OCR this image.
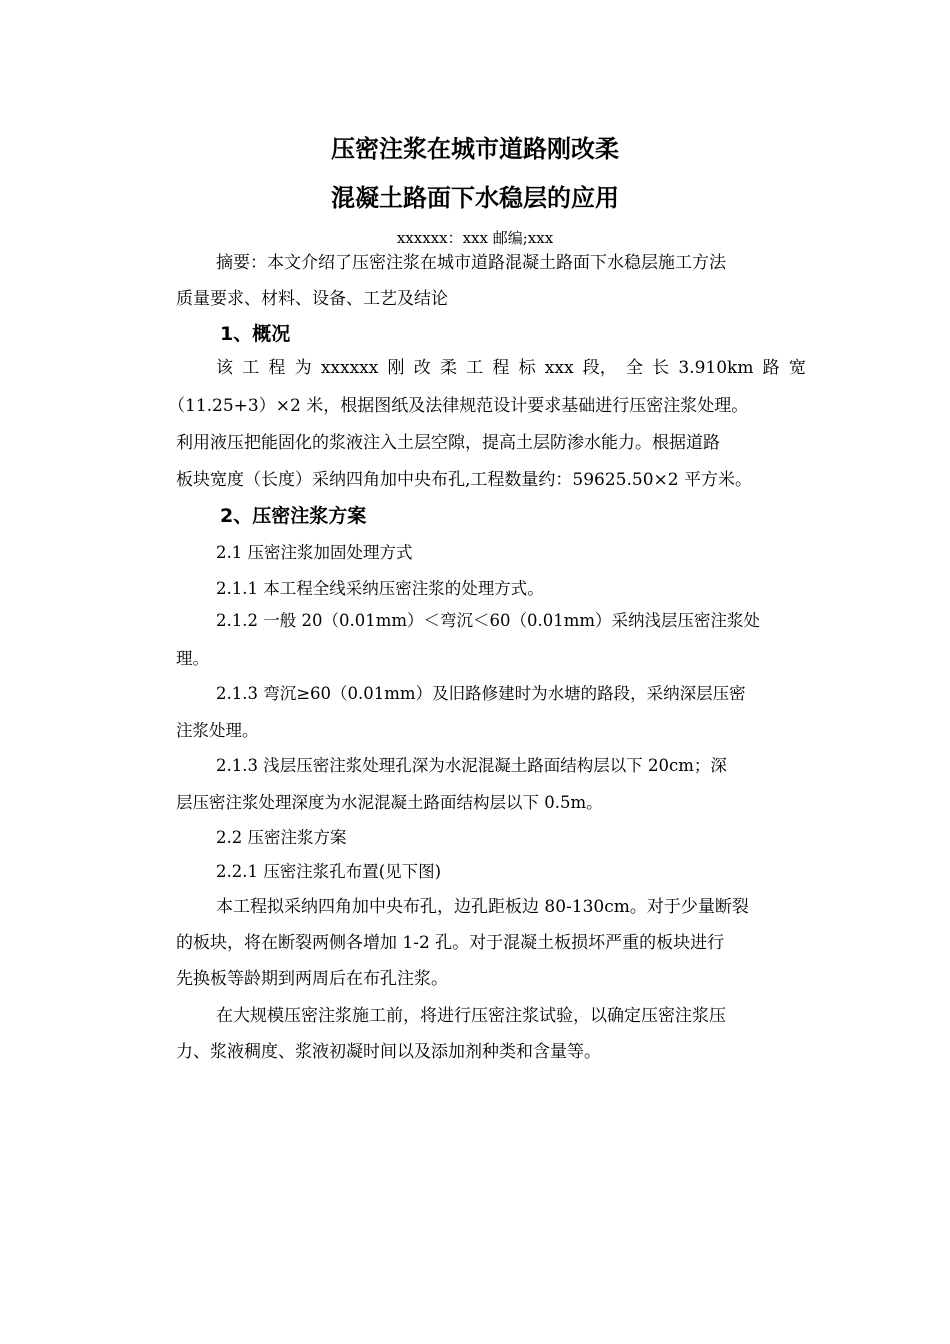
压密注浆在城市道路刚改柔
混凝土路面下水稳层的应用
xxxxxx：xxx 邮编;xxx
摘要：本文介绍了压密注浆在城市道路混凝土路面下水稳层施工方法
质量要求、材料、设备、工艺及结论
1、概况
该 工 程 为 xxxxxx 刚 改 柔 工 程 标 xxx 段， 全 长 3.910km 路 宽
（11.25+3）×2 米，根据图纸及法律规范设计要求基础进行压密注浆处理。
利用液压把能固化的浆液注入土层空隙，提高土层防渗水能力。根据道路
板块宽度（长度）采纳四角加中央布孔,工程数量约：59625.50×2 平方米。
2、压密注浆方案
2.1 压密注浆加固处理方式
2.1.1 本工程全线采纳压密注浆的处理方式。
2.1.2 一般 20（0.01mm）＜弯沉＜60（0.01mm）采纳浅层压密注浆处
理。
2.1.3 弯沉≥60（0.01mm）及旧路修建时为水塘的路段，采纳深层压密
注浆处理。
2.1.3 浅层压密注浆处理孔深为水泥混凝土路面结构层以下 20cm；深
层压密注浆处理深度为水泥混凝土路面结构层以下 0.5m。
2.2 压密注浆方案
2.2.1 压密注浆孔布置(见下图)
本工程拟采纳四角加中央布孔，边孔距板边 80-130cm。对于少量断裂
的板块，将在断裂两侧各增加 1-2 孔。对于混凝土板损坏严重的板块进行
先换板等龄期到两周后在布孔注浆。
在大规模压密注浆施工前，将进行压密注浆试验，以确定压密注浆压
力、浆液稠度、浆液初凝时间以及添加剂种类和含量等。
